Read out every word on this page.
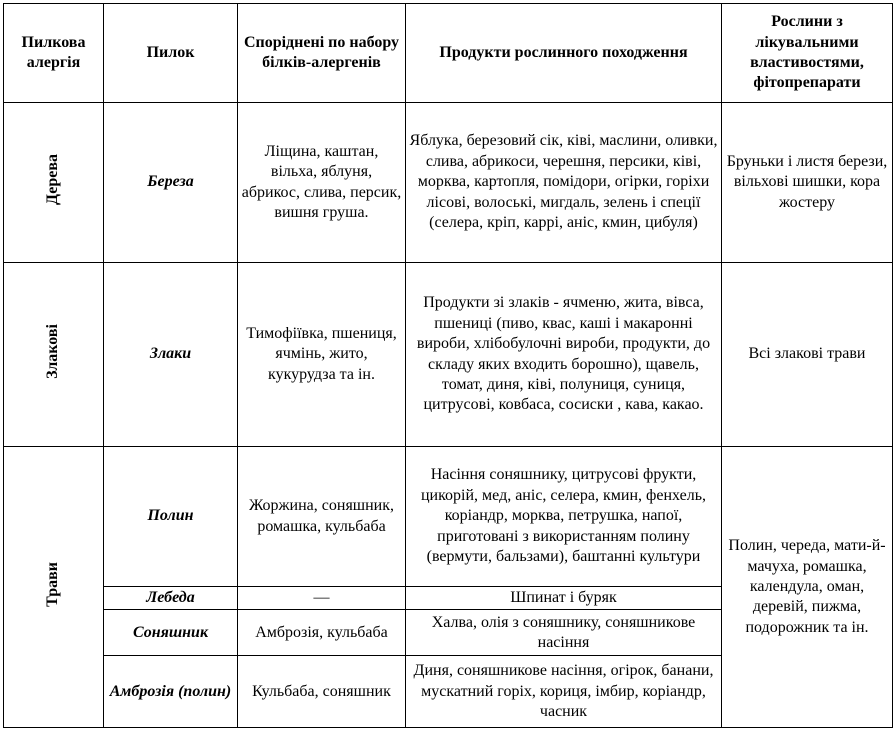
Пилкова алергія	Пилок	Споріднені по набору білків-алергенів	Продукти рослинного походження	Рослини з лікувальними властивостями, фітопрепарати
Дерева	Береза	Ліщина, каштан, вільха, яблуня, абрикос, слива, персик, вишня груша.	Яблука, березовий сік, ківі, маслини, оливки, слива, абрикоси, черешня, персики, ківі, морква, картопля, помідори, огірки, горіхи лісові, волоські, мигдаль, зелень і спеції (селера, кріп, каррі, аніс, кмин, цибуля)	Бруньки і листя берези, вільхові шишки, кора жостеру
Злакові	Злаки	Тимофіївка, пшениця, ячмінь, жито, кукурудза та ін.	Продукти зі злаків - ячменю, жита, вівса, пшениці (пиво, квас, каші і макаронні вироби, хлібобулочні вироби, продукти, до складу яких входить борошно), щавель, томат, диня, ківі, полуниця, суниця, цитрусові, ковбаса, сосиски , кава, какао.	Всі злакові трави
Трави	Полин	Жоржина, соняшник, ромашка, кульбаба	Насіння соняшнику, цитрусові фрукти, цикорій, мед, аніс, селера, кмин, фенхель, коріандр, морква, петрушка, напої, приготовані з використанням полину (вермути, бальзами), баштанні культури	Полин, череда, мати-й-мачуха, ромашка, календула, оман, деревій, пижма, подорожник та ін.
	Лебеда	—	Шпинат і буряк	
	Соняшник	Амброзія, кульбаба	Халва, олія з соняшнику, соняшникове насіння	
	Амброзія (полин)	Кульбаба, соняшник	Диня, соняшникове насіння, огірок, банани, мускатний горіх, кориця, імбир, коріандр, часник	
